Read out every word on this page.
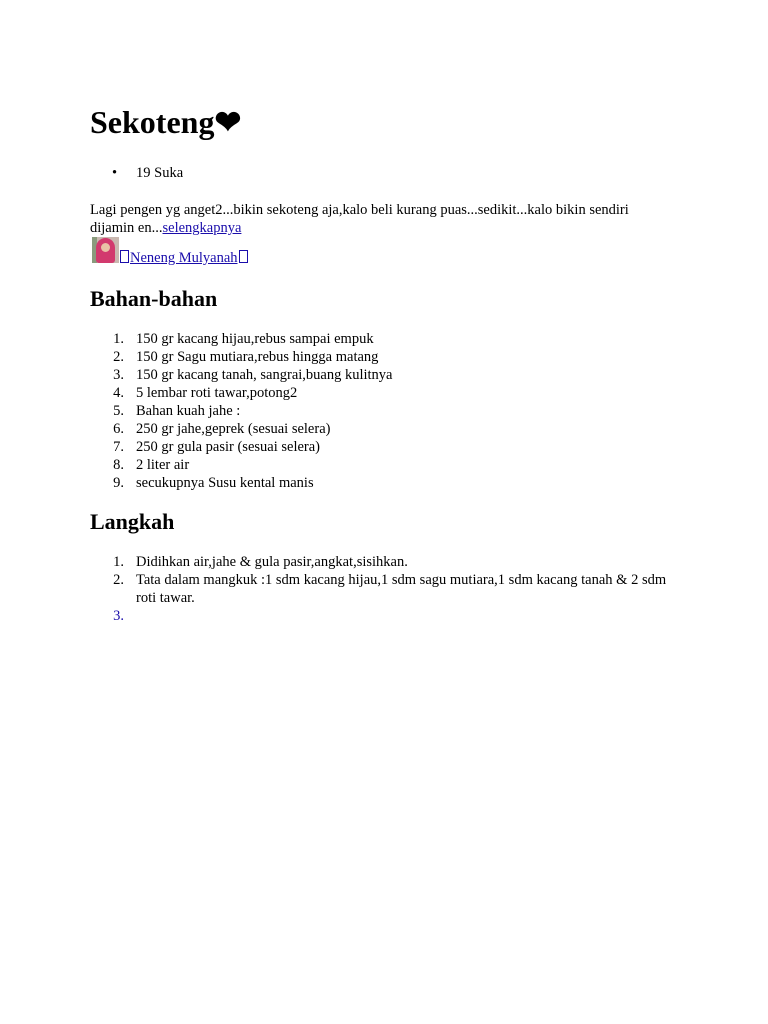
Sekoteng❤
• 19 Suka

Lagi pengen yg anget2...bikin sekoteng aja,kalo beli kurang puas...sedikit...kalo bikin sendiri dijamin en...selengkapnya

Neneng Mulyanah
Bahan-bahan
1. 150 gr kacang hijau,rebus sampai empuk
2. 150 gr Sagu mutiara,rebus hingga matang
3. 150 gr kacang tanah, sangrai,buang kulitnya
4. 5 lembar roti tawar,potong2
5. Bahan kuah jahe :
6. 250 gr jahe,geprek (sesuai selera)
7. 250 gr gula pasir (sesuai selera)
8. 2 liter air
9. secukupnya Susu kental manis
Langkah
1. Didihkan air,jahe & gula pasir,angkat,sisihkan.
2. Tata dalam mangkuk :1 sdm kacang hijau,1 sdm sagu mutiara,1 sdm kacang tanah & 2 sdm roti tawar.
3.
